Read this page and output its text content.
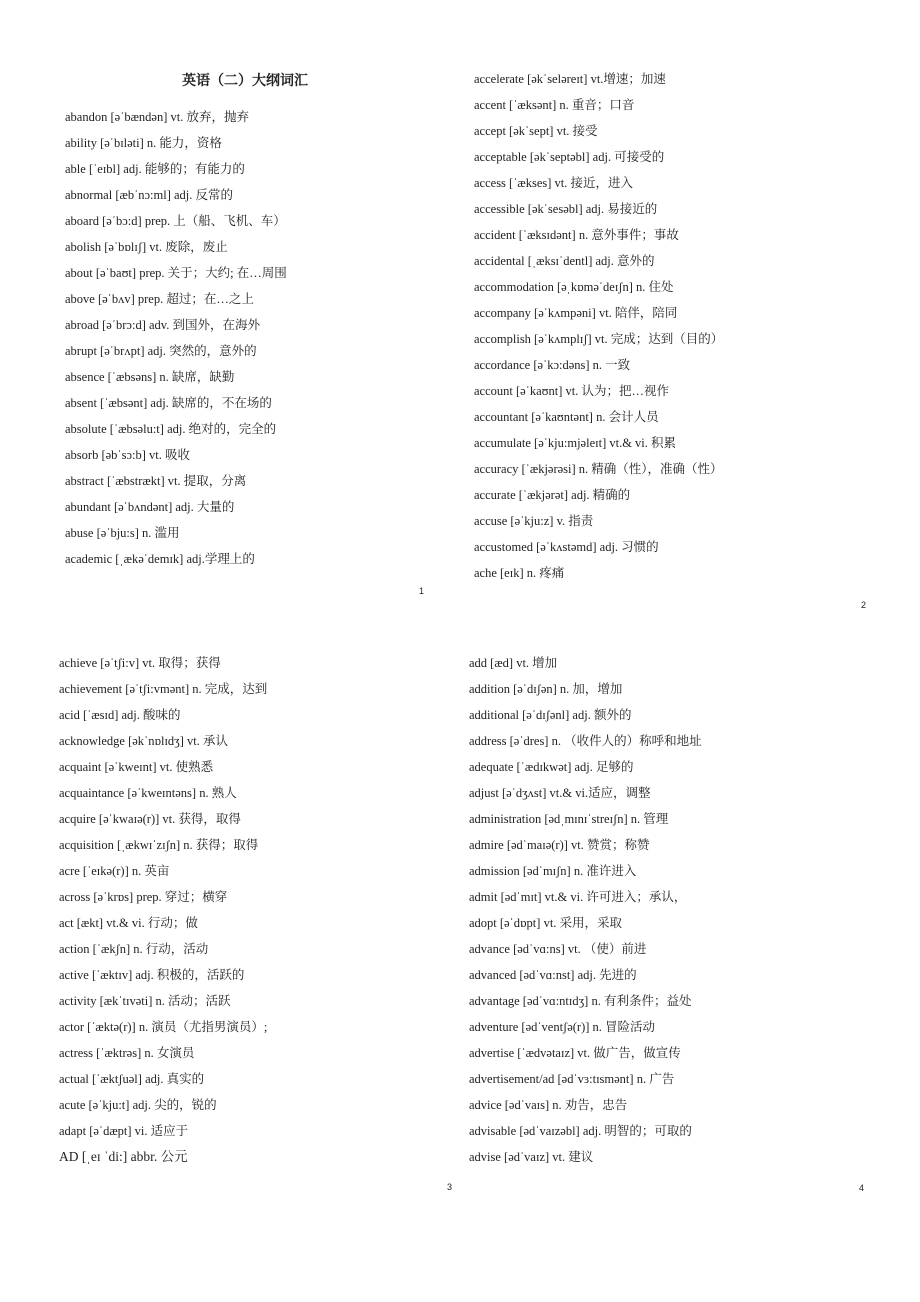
英语（二）大纲词汇
abandon [əˈbændən] vt. 放弃，抛弃
ability [əˈbɪləti] n. 能力，资格
able [ˈeɪbl] adj. 能够的；有能力的
abnormal [æbˈnɔ:ml] adj. 反常的
aboard [əˈbɔ:d] prep. 上（船、飞机、车）
abolish [əˈbɒlɪʃ] vt. 废除，废止
about [əˈbaʊt] prep. 关于；大约; 在…周围
above [əˈbʌv] prep. 超过；在…之上
abroad [əˈbrɔ:d] adv. 到国外，在海外
abrupt [əˈbrʌpt] adj. 突然的，意外的
absence [ˈæbsəns] n. 缺席，缺勤
absent [ˈæbsənt] adj. 缺席的，不在场的
absolute [ˈæbsəlu:t] adj. 绝对的，完全的
absorb [əbˈsɔ:b] vt. 吸收
abstract [ˈæbstrækt] vt. 提取，分离
abundant [əˈbʌndənt] adj. 大量的
abuse [əˈbju:s] n. 滥用
academic [ˌækəˈdemɪk] adj.学理上的
accelerate [əkˈseləreɪt] vt.增速；加速
accent [ˈæksənt] n. 重音；口音
accept [əkˈsept] vt. 接受
acceptable [əkˈseptəbl] adj. 可接受的
access [ˈækses] vt. 接近，进入
accessible [əkˈsesəbl] adj. 易接近的
accident [ˈæksɪdənt] n. 意外事件；事故
accidental [ˌæksɪˈdentl] adj. 意外的
accommodation [əˌkɒməˈdeɪʃn] n. 住处
accompany [əˈkʌmpəni] vt. 陪伴，陪同
accomplish [əˈkʌmplɪʃ] vt. 完成；达到（目的）
accordance [əˈkɔ:dəns] n. 一致
account [əˈkaʊnt] vt. 认为；把…视作
accountant [əˈkaʊntənt] n. 会计人员
accumulate [əˈkju:mjəleɪt] vt.& vi. 积累
accuracy [ˈækjərəsi] n. 精确（性），准确（性）
accurate [ˈækjərət] adj. 精确的
accuse [əˈkju:z] v. 指责
accustomed [əˈkʌstəmd] adj. 习惯的
ache [eɪk] n. 疼痛
achieve [əˈtʃi:v] vt. 取得；获得
achievement [əˈtʃi:vmənt] n. 完成，达到
acid [ˈæsɪd] adj. 酸味的
acknowledge [əkˈnɒlɪdʒ] vt. 承认
acquaint [əˈkweɪnt] vt. 使熟悉
acquaintance [əˈkweɪntəns] n. 熟人
acquire [əˈkwaɪə(r)] vt. 获得，取得
acquisition [ˌækwɪˈzɪʃn] n. 获得；取得
acre [ˈeɪkə(r)] n. 英亩
across [əˈkrɒs] prep. 穿过；横穿
act [ækt] vt.& vi. 行动；做
action [ˈækʃn] n. 行动，活动
active [ˈæktɪv] adj. 积极的，活跃的
activity [ækˈtɪvəti] n. 活动；活跃
actor [ˈæktə(r)] n. 演员（尤指男演员）;
actress [ˈæktrəs] n. 女演员
actual [ˈæktʃuəl] adj. 真实的
acute [əˈkju:t] adj. 尖的，锐的
adapt [əˈdæpt] vi. 适应于
AD [ˌeɪ ˈdi:] abbr. 公元
add [æd] vt. 增加
addition [əˈdɪʃən] n. 加，增加
additional [əˈdɪʃənl] adj. 额外的
address [əˈdres] n. （收件人的）称呼和地址
adequate [ˈædɪkwət] adj. 足够的
adjust [əˈdʒʌst] vt.& vi.适应，调整
administration [ədˌmɪnɪˈstreɪʃn] n. 管理
admire [ədˈmaɪə(r)] vt. 赞赏；称赞
admission [ədˈmɪʃn] n. 准许进入
admit [ədˈmɪt] vt.& vi. 许可进入；承认，
adopt [əˈdɒpt] vt. 采用，采取
advance [ədˈvɑ:ns] vt. （使）前进
advanced [ədˈvɑ:nst] adj. 先进的
advantage [ədˈvɑ:ntɪdʒ] n. 有利条件；益处
adventure [ədˈventʃə(r)] n. 冒险活动
advertise [ˈædvətaɪz] vt. 做广告，做宣传
advertisement/ad [ədˈvɜ:tɪsmənt] n. 广告
advice [ədˈvaɪs] n. 劝告，忠告
advisable [ədˈvaɪzəbl] adj. 明智的；可取的
advise [ədˈvaɪz] vt. 建议
1
2
3	4
